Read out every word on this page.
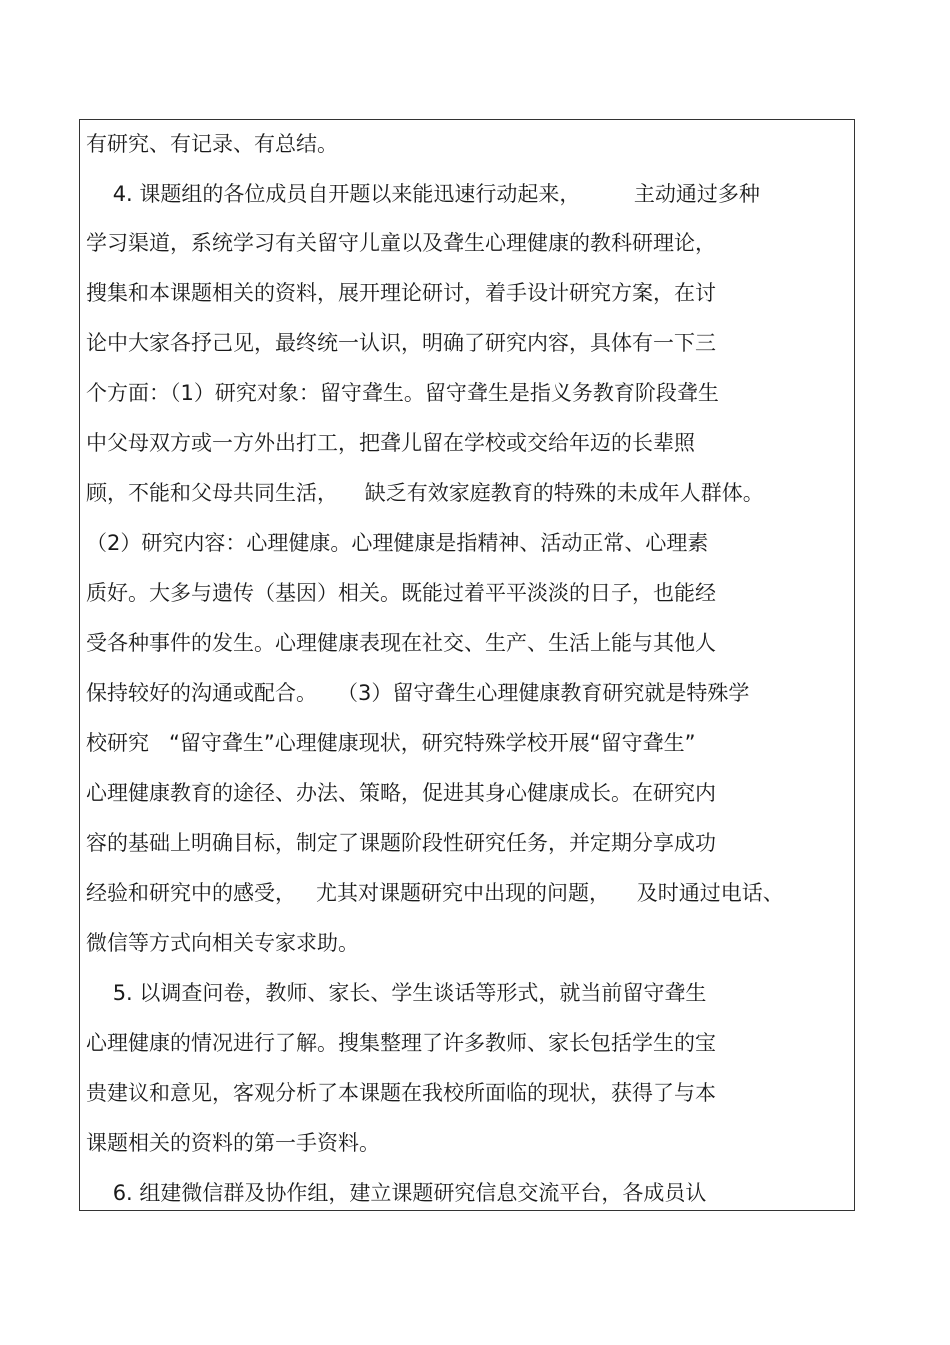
有研究、有记录、有总结。
4. 课题组的各位成员自开题以来能迅速行动起来，        主动通过多种
学习渠道，系统学习有关留守儿童以及聋生心理健康的教科研理论，
搜集和本课题相关的资料，展开理论研讨，着手设计研究方案，在讨
论中大家各抒己见，最终统一认识，明确了研究内容，具体有一下三
个方面：（1）研究对象：留守聋生。留守聋生是指义务教育阶段聋生
中父母双方或一方外出打工，把聋儿留在学校或交给年迈的长辈照
顾，不能和父母共同生活，    缺乏有效家庭教育的特殊的未成年人群体。
（2）研究内容：心理健康。心理健康是指精神、活动正常、心理素
质好。大多与遗传（基因）相关。既能过着平平淡淡的日子，也能经
受各种事件的发生。心理健康表现在社交、生产、生活上能与其他人
保持较好的沟通或配合。   （3）留守聋生心理健康教育研究就是特殊学
校研究   “留守聋生”心理健康现状，研究特殊学校开展“留守聋生”
心理健康教育的途径、办法、策略，促进其身心健康成长。在研究内
容的基础上明确目标，制定了课题阶段性研究任务，并定期分享成功
经验和研究中的感受，   尤其对课题研究中出现的问题，    及时通过电话、
微信等方式向相关专家求助。
5. 以调查问卷，教师、家长、学生谈话等形式，就当前留守聋生
心理健康的情况进行了解。搜集整理了许多教师、家长包括学生的宝
贵建议和意见，客观分析了本课题在我校所面临的现状，获得了与本
课题相关的资料的第一手资料。
6. 组建微信群及协作组，建立课题研究信息交流平台，各成员认
